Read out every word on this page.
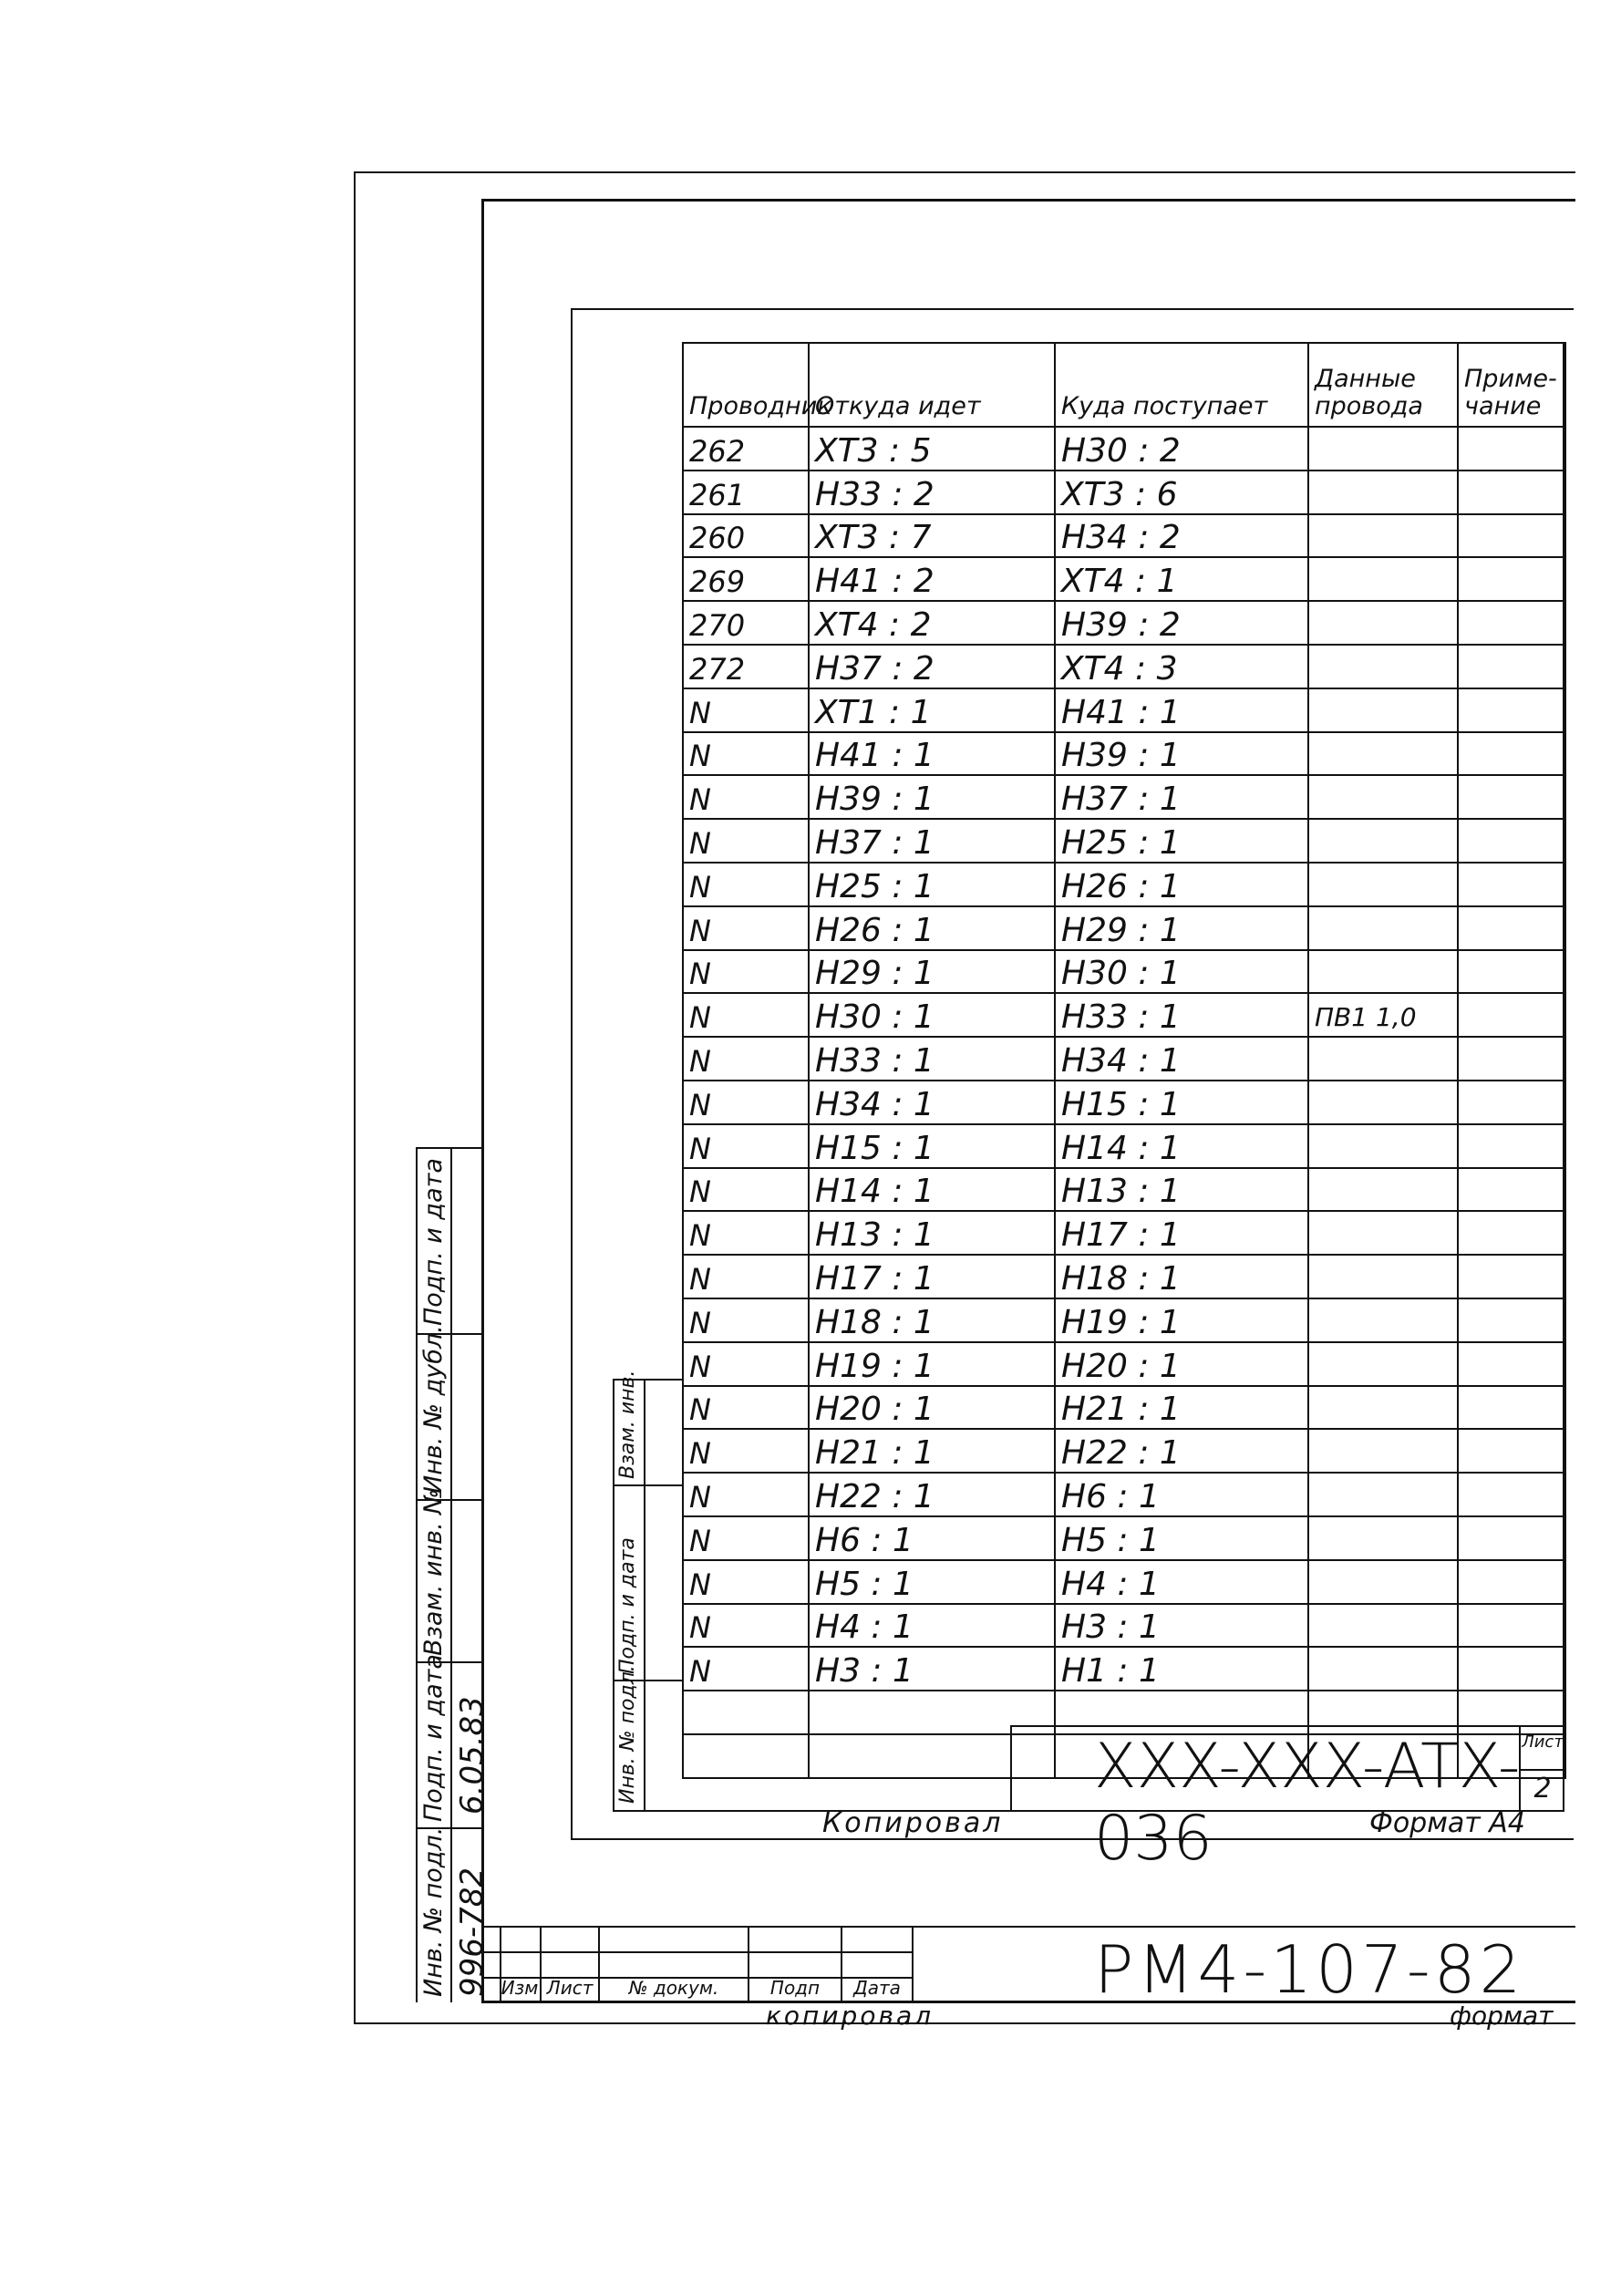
Изм Лист	№ докум.	Подп	Дата	РМ4-107-82
копировал	формат
Подп. и дата
Инв. № дубл.
Взам. инв. №
Подп. и дата
Инв. № подл.
6.05.83
996-782
XXX-XXX-ATX-036
Лист
2
Копировал	Формат А4
Взам. инв.
Подп. и дата
Инв. № подл.
Проводник	Откуда идет	Куда поступает	Данные провода	Приме- чание
262	ХТ3 : 5	Н30 : 2		
261	Н33 : 2	ХТ3 : 6		
260	ХТ3 : 7	Н34 : 2		
269	Н41 : 2	ХТ4 : 1		
270	ХТ4 : 2	Н39 : 2		
272	Н37 : 2	ХТ4 : 3		
N	ХТ1 : 1	Н41 : 1		
N	Н41 : 1	Н39 : 1		
N	Н39 : 1	Н37 : 1		
N	Н37 : 1	Н25 : 1		
N	Н25 : 1	Н26 : 1		
N	Н26 : 1	Н29 : 1		
N	Н29 : 1	Н30 : 1		
N	Н30 : 1	Н33 : 1	ПВ1 1,0	
N	Н33 : 1	Н34 : 1		
N	Н34 : 1	Н15 : 1		
N	Н15 : 1	Н14 : 1		
N	Н14 : 1	Н13 : 1		
N	Н13 : 1	Н17 : 1		
N	Н17 : 1	Н18 : 1		
N	Н18 : 1	Н19 : 1		
N	Н19 : 1	Н20 : 1		
N	Н20 : 1	Н21 : 1		
N	Н21 : 1	Н22 : 1		
N	Н22 : 1	Н6 : 1		
N	Н6 : 1	Н5 : 1		
N	Н5 : 1	Н4 : 1		
N	Н4 : 1	Н3 : 1		
N	Н3 : 1	Н1 : 1		
